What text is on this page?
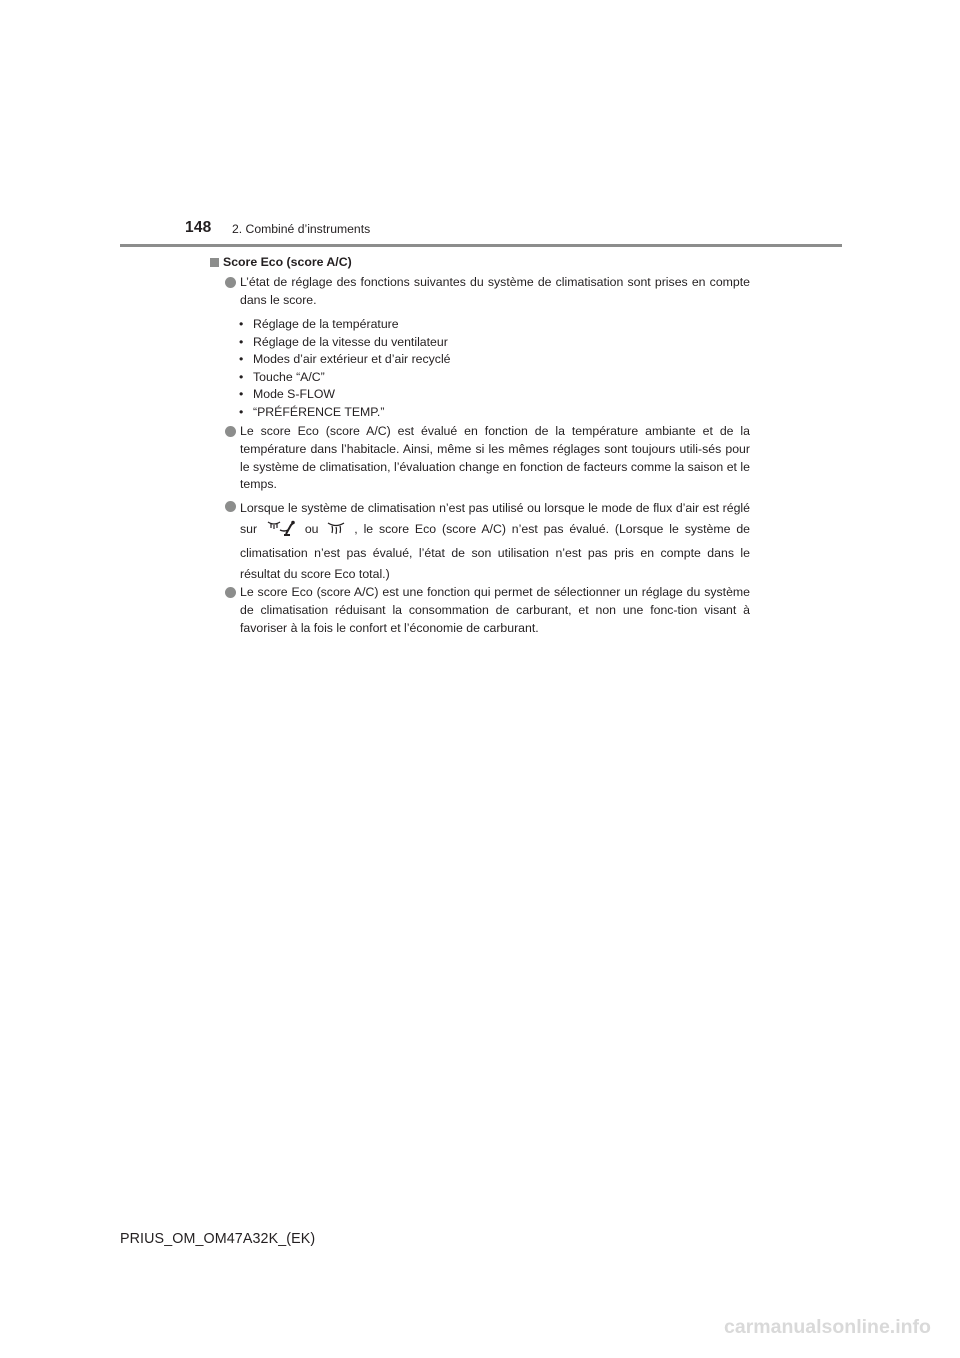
148 2. Combiné d’instruments
Score Eco (score A/C)
L’état de réglage des fonctions suivantes du système de climatisation sont prises en compte dans le score.
• Réglage de la température
• Réglage de la vitesse du ventilateur
• Modes d’air extérieur et d’air recyclé
• Touche “A/C”
• Mode S-FLOW
• “PRÉFÉRENCE TEMP.”
Le score Eco (score A/C) est évalué en fonction de la température ambiante et de la température dans l’habitacle. Ainsi, même si les mêmes réglages sont toujours utili-sés pour le système de climatisation, l’évaluation change en fonction de facteurs comme la saison et le temps.
Lorsque le système de climatisation n’est pas utilisé ou lorsque le mode de flux d’air est réglé sur	ou	, le score Eco (score A/C) n’est pas évalué. (Lorsque le système de climatisation n’est pas évalué, l’état de son utilisation n’est pas pris en compte dans le résultat du score Eco total.)
Le score Eco (score A/C) est une fonction qui permet de sélectionner un réglage du système de climatisation réduisant la consommation de carburant, et non une fonc-tion visant à favoriser à la fois le confort et l’économie de carburant.
PRIUS_OM_OM47A32K_(EK)
carmanualsonline.info
